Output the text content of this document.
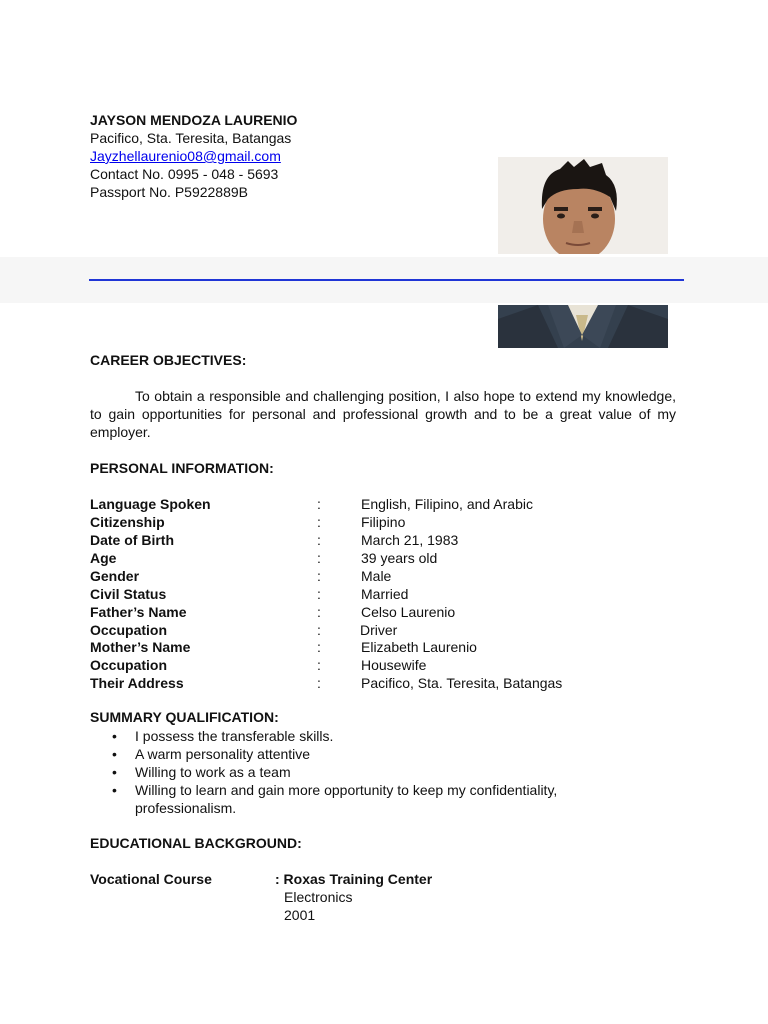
JAYSON MENDOZA LAURENIO
Pacifico, Sta. Teresita, Batangas
Jayzhellaurenio08@gmail.com
Contact No. 0995 - 048 - 5693
Passport No. P5922889B
CAREER OBJECTIVES:
To obtain a responsible and challenging position, I also hope to extend my knowledge, to gain opportunities for personal and professional growth and to be a great value of my employer.
PERSONAL INFORMATION:
Language Spoken	:	English, Filipino, and Arabic
Citizenship	:	Filipino
Date of Birth	:	March 21, 1983
Age	:	39 years old
Gender	:	Male
Civil Status	:	Married
Father’s Name	:	Celso Laurenio
Occupation	:	Driver
Mother’s Name	:	Elizabeth Laurenio
Occupation	:	Housewife
Their Address	:	Pacifico, Sta. Teresita, Batangas
SUMMARY QUALIFICATION:
• I possess the transferable skills.
• A warm personality attentive
• Willing to work as a team
• Willing to learn and gain more opportunity to keep my confidentiality, professionalism.
EDUCATIONAL BACKGROUND:
Vocational Course	: Roxas Training Center
Electronics
2001
